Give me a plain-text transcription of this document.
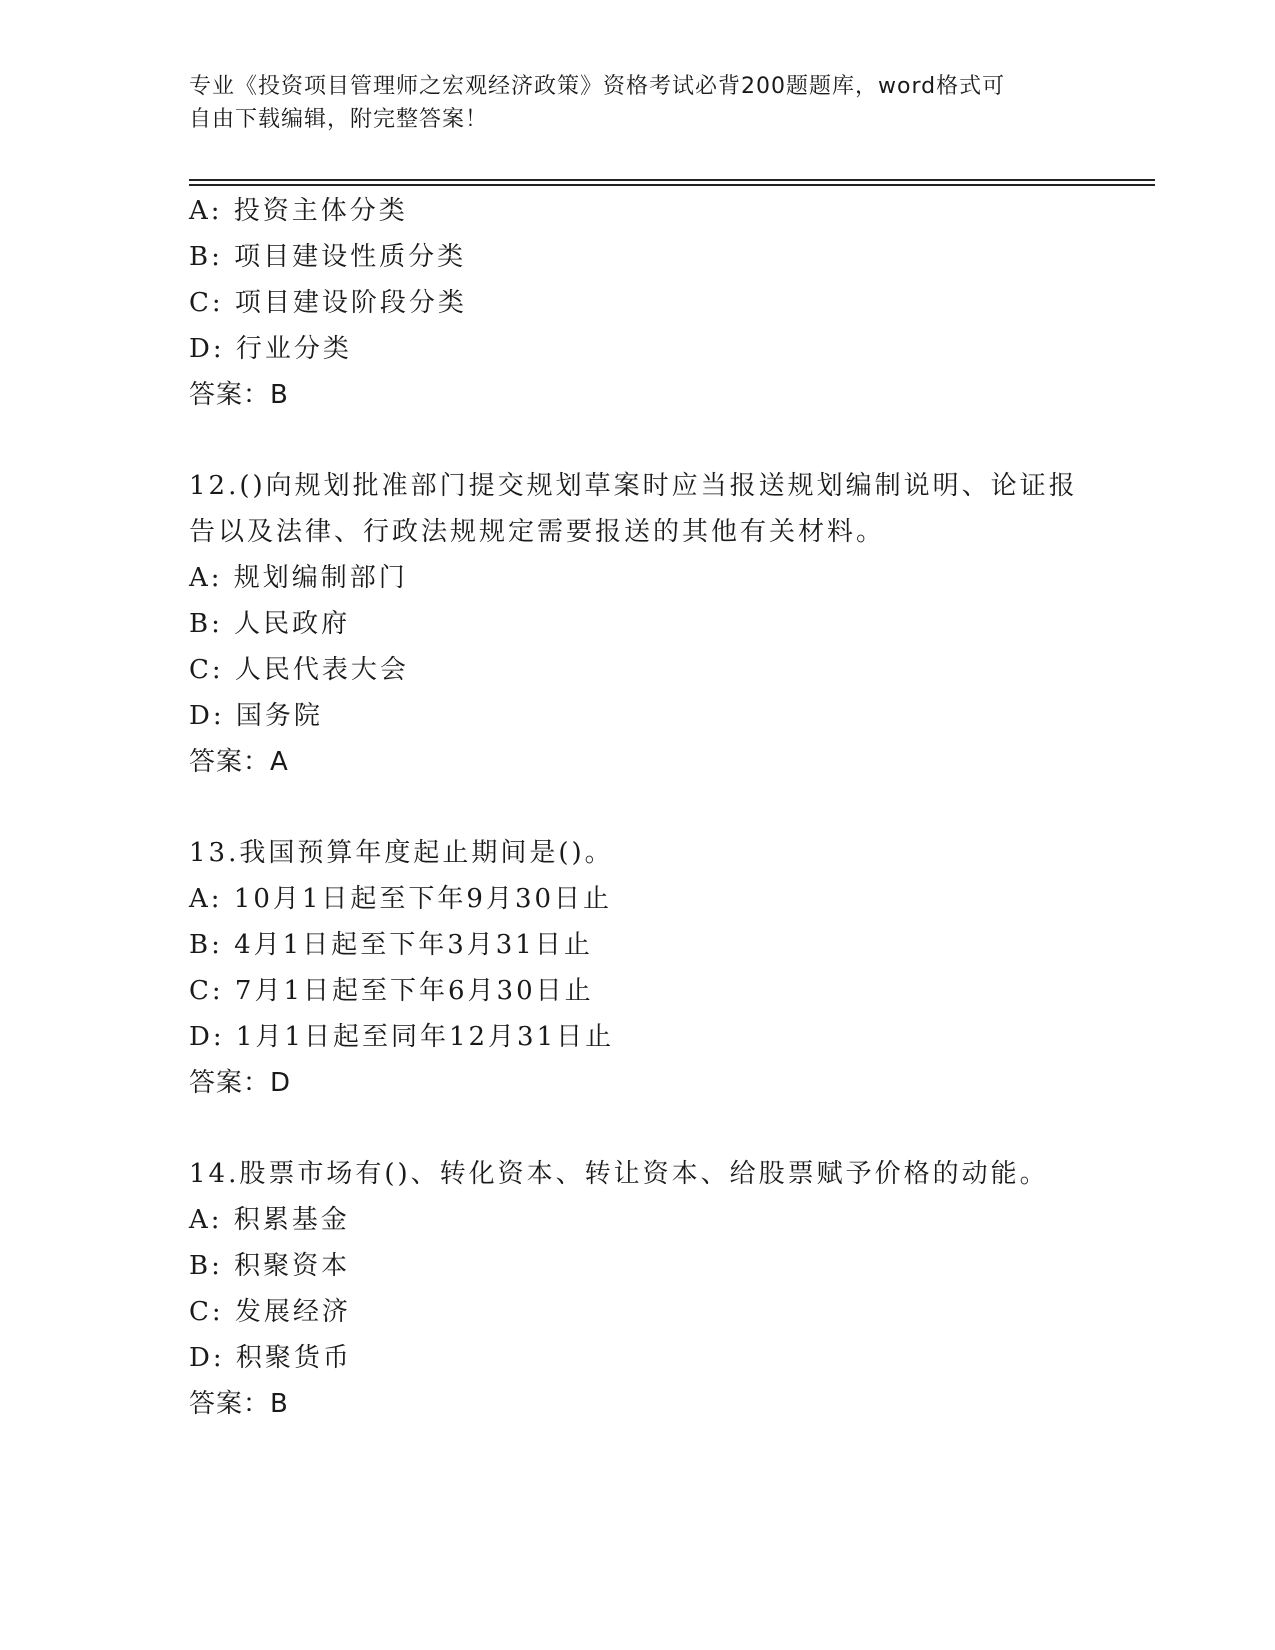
专业《投资项目管理师之宏观经济政策》资格考试必背200题题库，word格式可
自由下载编辑，附完整答案！
A: 投资主体分类
B: 项目建设性质分类
C: 项目建设阶段分类
D: 行业分类
答案：B
12.()向规划批准部门提交规划草案时应当报送规划编制说明、论证报
告以及法律、行政法规规定需要报送的其他有关材料。
A: 规划编制部门
B: 人民政府
C: 人民代表大会
D: 国务院
答案：A
13.我国预算年度起止期间是()。
A: 10月1日起至下年9月30日止
B: 4月1日起至下年3月31日止
C: 7月1日起至下年6月30日止
D: 1月1日起至同年12月31日止
答案：D
14.股票市场有()、转化资本、转让资本、给股票赋予价格的动能。
A: 积累基金
B: 积聚资本
C: 发展经济
D: 积聚货币
答案：B
